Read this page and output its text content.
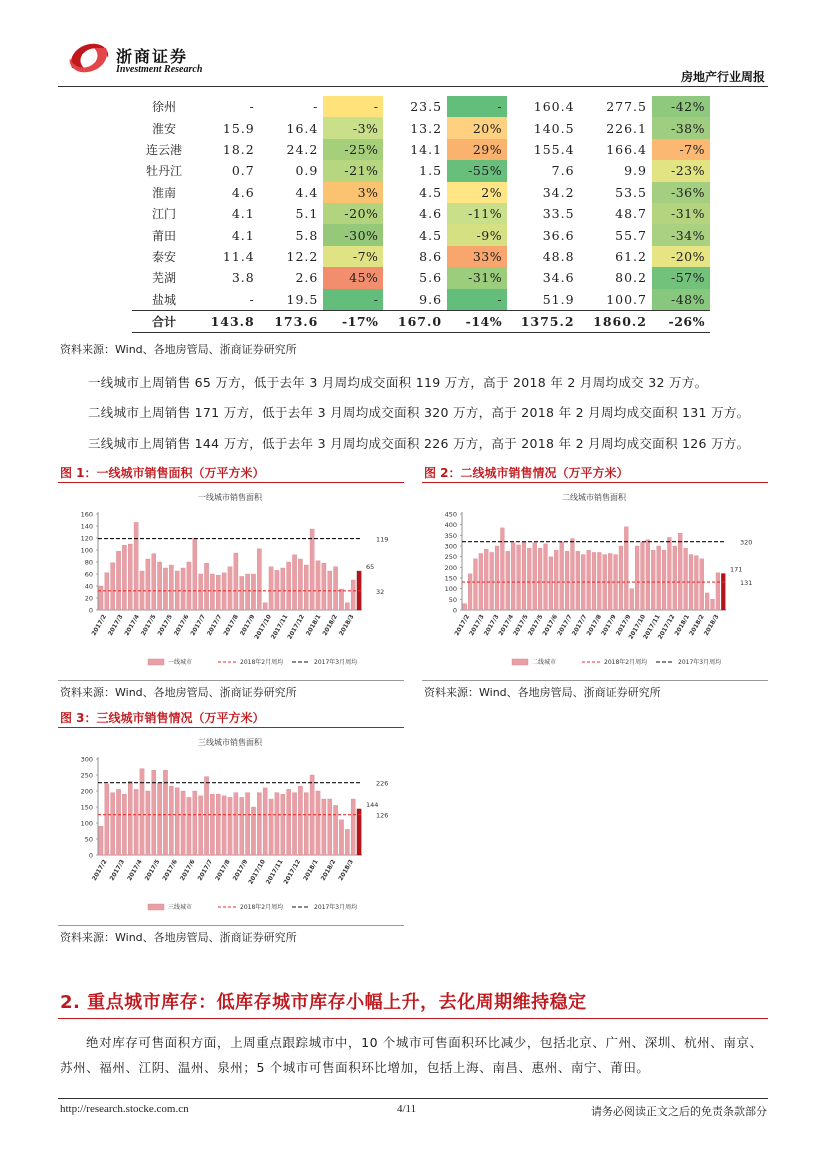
浙商证券
Investment Research
房地产行业周报
徐州	-	-	-	23.5	-	160.4	277.5	-42%
淮安	15.9	16.4	-3%	13.2	20%	140.5	226.1	-38%
连云港	18.2	24.2	-25%	14.1	29%	155.4	166.4	-7%
牡丹江	0.7	0.9	-21%	1.5	-55%	7.6	9.9	-23%
淮南	4.6	4.4	3%	4.5	2%	34.2	53.5	-36%
江门	4.1	5.1	-20%	4.6	-11%	33.5	48.7	-31%
莆田	4.1	5.8	-30%	4.5	-9%	36.6	55.7	-34%
泰安	11.4	12.2	-7%	8.6	33%	48.8	61.2	-20%
芜湖	3.8	2.6	45%	5.6	-31%	34.6	80.2	-57%
盐城	-	19.5	-	9.6	-	51.9	100.7	-48%
合计	143.8	173.6	-17%	167.0	-14%	1375.2	1860.2	-26%
资料来源：Wind、各地房管局、浙商证券研究所
一线城市上周销售 65 万方，低于去年 3 月周均成交面积 119 万方，高于 2018 年 2 月周均成交 32 万方。
二线城市上周销售 171 万方，低于去年 3 月周均成交面积 320 万方，高于 2018 年 2 月周均成交面积 131 万方。
三线城市上周销售 144 万方，低于去年 3 月周均成交面积 226 万方，高于 2018 年 2 月周均成交面积 126 万方。
图 1：一线城市销售面积（万平方米）
一线城市销售面积
0
20
40
60
80
100
120
140
160
32
119
65
2017/2
2017/3
2017/4
2017/5
2017/5
2017/6
2017/7
2017/7
2017/8
2017/9
2017/10
2017/11
2017/12
2018/1
2018/2
2018/3
一线城市	2018年2月周均	2017年3月周均
资料来源：Wind、各地房管局、浙商证券研究所
图 2：二线城市销售情况（万平方米）
二线城市销售面积
0
50
100
150
200
250
300
350
400
450
131
320
171
2017/2
2017/3
2017/3
2017/4
2017/5
2017/5
2017/6
2017/7
2017/7
2017/8
2017/9
2017/9
2017/10
2017/11
2017/12
2018/1
2018/2
2018/3
二线城市	2018年2月周均	2017年3月周均
资料来源：Wind、各地房管局、浙商证券研究所
图 3：三线城市销售情况（万平方米）
三线城市销售面积
0
50
100
150
200
250
300
126
226
144
2017/2 2017/3 2017/4 2017/5 2017/6 2017/6 2017/7 2017/8 2017/9
2017/10
2017/11
2017/12 2018/1 2018/2 2018/3
三线城市	2018年2月周均	2017年3月周均
资料来源：Wind、各地房管局、浙商证券研究所
2. 重点城市库存：低库存城市库存小幅上升，去化周期维持稳定
绝对库存可售面积方面，上周重点跟踪城市中，10 个城市可售面积环比减少，包括北京、广州、深圳、杭州、南京、苏州、福州、江阴、温州、泉州；5 个城市可售面积环比增加，包括上海、南昌、惠州、南宁、莆田。
http://research.stocke.com.cn	4/11	请务必阅读正文之后的免责条款部分
